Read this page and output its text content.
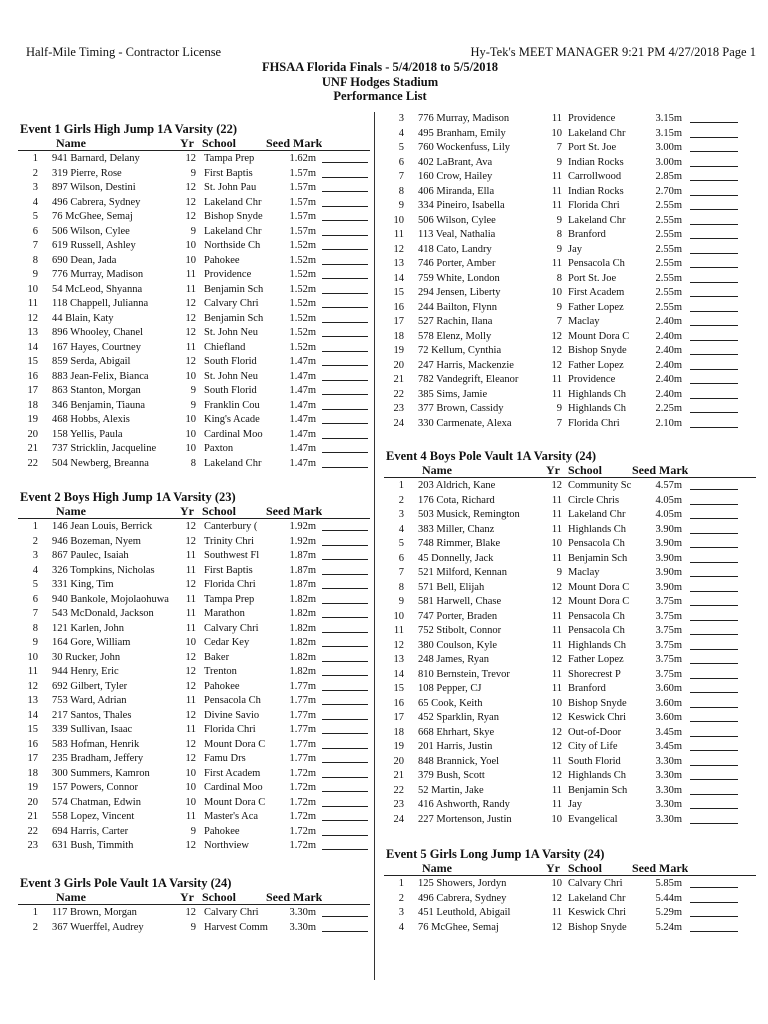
Half-Mile Timing - Contractor License	Hy-Tek's MEET MANAGER 9:21 PM 4/27/2018 Page 1
FHSAA Florida Finals - 5/4/2018 to 5/5/2018
UNF Hodges Stadium
Performance List
Event 1 Girls High Jump 1A Varsity (22)
Name	Yr School Seed Mark
1 941 Barnard, Delany	12 Tampa Prep	1.62m
2 319 Pierre, Rose	9 First Baptis	1.57m
3 897 Wilson, Destini	12 St. John Pau	1.57m
4 496 Cabrera, Sydney	12 Lakeland Chr	1.57m
5 76 McGhee, Semaj	12 Bishop Snyde	1.57m
6 506 Wilson, Cylee	9 Lakeland Chr	1.57m
7 619 Russell, Ashley	10 Northside Ch	1.52m
8 690 Dean, Jada	10 Pahokee	1.52m
9 776 Murray, Madison	11 Providence	1.52m
10 54 McLeod, Shyanna	11 Benjamin Sch	1.52m
11 118 Chappell, Julianna	12 Calvary Chri	1.52m
12 44 Blain, Katy	12 Benjamin Sch	1.52m
13 896 Whooley, Chanel	12 St. John Neu	1.52m
14 167 Hayes, Courtney	11 Chiefland	1.52m
15 859 Serda, Abigail	12 South Florid	1.47m
16 883 Jean-Felix, Bianca	10 St. John Neu	1.47m
17 863 Stanton, Morgan	9 South Florid	1.47m
18 346 Benjamin, Tiauna	9 Franklin Cou	1.47m
19 468 Hobbs, Alexis	10 King's Acade	1.47m
20 158 Yellis, Paula	10 Cardinal Moo	1.47m
21 737 Stricklin, Jacqueline	10 Paxton	1.47m
22 504 Newberg, Breanna	8 Lakeland Chr	1.47m
Event 2 Boys High Jump 1A Varsity (23)
Name	Yr School Seed Mark
1 146 Jean Louis, Berrick	12 Canterbury (	1.92m
2 946 Bozeman, Nyem	12 Trinity Chri	1.92m
3 867 Paulec, Isaiah	11 Southwest Fl	1.87m
4 326 Tompkins, Nicholas	11 First Baptis	1.87m
5 331 King, Tim	12 Florida Chri	1.87m
6 940 Bankole, Mojolaohuwa	11 Tampa Prep	1.82m
7 543 McDonald, Jackson	11 Marathon	1.82m
8 121 Karlen, John	11 Calvary Chri	1.82m
9 164 Gore, William	10 Cedar Key	1.82m
10 30 Rucker, John	12 Baker	1.82m
11 944 Henry, Eric	12 Trenton	1.82m
12 692 Gilbert, Tyler	12 Pahokee	1.77m
13 753 Ward, Adrian	11 Pensacola Ch	1.77m
14 217 Santos, Thales	12 Divine Savio	1.77m
15 339 Sullivan, Isaac	11 Florida Chri	1.77m
16 583 Hofman, Henrik	12 Mount Dora C	1.77m
17 235 Bradham, Jeffery	12 Famu Drs	1.77m
18 300 Summers, Kamron	10 First Academ	1.72m
19 157 Powers, Connor	10 Cardinal Moo	1.72m
20 574 Chatman, Edwin	10 Mount Dora C	1.72m
21 558 Lopez, Vincent	11 Master's Aca	1.72m
22 694 Harris, Carter	9 Pahokee	1.72m
23 631 Bush, Timmith	12 Northview	1.72m
Event 3 Girls Pole Vault 1A Varsity (24)
Name	Yr School Seed Mark
1 117 Brown, Morgan	12 Calvary Chri	3.30m
2 367 Wuerffel, Audrey	9 Harvest Comm	3.30m
3 776 Murray, Madison	11 Providence	3.15m
4 495 Branham, Emily	10 Lakeland Chr	3.15m
5 760 Wockenfuss, Lily	7 Port St. Joe	3.00m
6 402 LaBrant, Ava	9 Indian Rocks	3.00m
7 160 Crow, Hailey	11 Carrollwood	2.85m
8 406 Miranda, Ella	11 Indian Rocks	2.70m
9 334 Pineiro, Isabella	11 Florida Chri	2.55m
10 506 Wilson, Cylee	9 Lakeland Chr	2.55m
11 113 Veal, Nathalia	8 Branford	2.55m
12 418 Cato, Landry	9 Jay	2.55m
13 746 Porter, Amber	11 Pensacola Ch	2.55m
14 759 White, London	8 Port St. Joe	2.55m
15 294 Jensen, Liberty	10 First Academ	2.55m
16 244 Bailton, Flynn	9 Father Lopez	2.55m
17 527 Rachin, Ilana	7 Maclay	2.40m
18 578 Elenz, Molly	12 Mount Dora C	2.40m
19 72 Kellum, Cynthia	12 Bishop Snyde	2.40m
20 247 Harris, Mackenzie	12 Father Lopez	2.40m
21 782 Vandegrift, Eleanor	11 Providence	2.40m
22 385 Sims, Jamie	11 Highlands Ch	2.40m
23 377 Brown, Cassidy	9 Highlands Ch	2.25m
24 330 Carmenate, Alexa	7 Florida Chri	2.10m
Event 4 Boys Pole Vault 1A Varsity (24)
Name	Yr School Seed Mark
1 203 Aldrich, Kane	12 Community Sc	4.57m
2 176 Cota, Richard	11 Circle Chris	4.05m
3 503 Musick, Remington	11 Lakeland Chr	4.05m
4 383 Miller, Chanz	11 Highlands Ch	3.90m
5 748 Rimmer, Blake	10 Pensacola Ch	3.90m
6 45 Donnelly, Jack	11 Benjamin Sch	3.90m
7 521 Milford, Kennan	9 Maclay	3.90m
8 571 Bell, Elijah	12 Mount Dora C	3.90m
9 581 Harwell, Chase	12 Mount Dora C	3.75m
10 747 Porter, Braden	11 Pensacola Ch	3.75m
11 752 Stibolt, Connor	11 Pensacola Ch	3.75m
12 380 Coulson, Kyle	11 Highlands Ch	3.75m
13 248 James, Ryan	12 Father Lopez	3.75m
14 810 Bernstein, Trevor	11 Shorecrest P	3.75m
15 108 Pepper, CJ	11 Branford	3.60m
16 65 Cook, Keith	10 Bishop Snyde	3.60m
17 452 Sparklin, Ryan	12 Keswick Chri	3.60m
18 668 Ehrhart, Skye	12 Out-of-Door	3.45m
19 201 Harris, Justin	12 City of Life	3.45m
20 848 Brannick, Yoel	11 South Florid	3.30m
21 379 Bush, Scott	12 Highlands Ch	3.30m
22 52 Martin, Jake	11 Benjamin Sch	3.30m
23 416 Ashworth, Randy	11 Jay	3.30m
24 227 Mortenson, Justin	10 Evangelical	3.30m
Event 5 Girls Long Jump 1A Varsity (24)
Name	Yr School Seed Mark
1 125 Showers, Jordyn	10 Calvary Chri	5.85m
2 496 Cabrera, Sydney	12 Lakeland Chr	5.44m
3 451 Leuthold, Abigail	11 Keswick Chri	5.29m
4 76 McGhee, Semaj	12 Bishop Snyde	5.24m
